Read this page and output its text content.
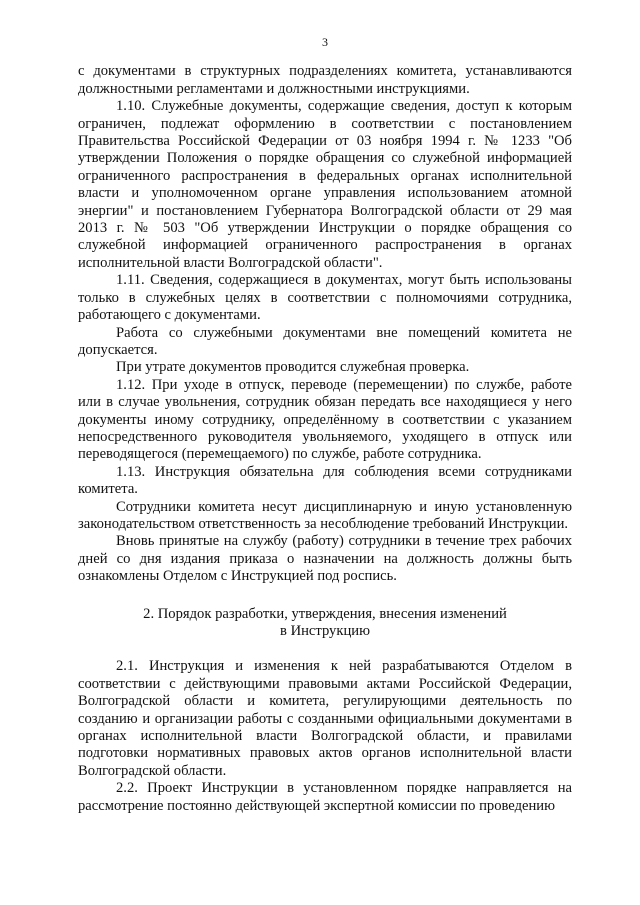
3

с документами в структурных подразделениях комитета, устанавливаются должностными регламентами и должностными инструкциями.

1.10. Служебные документы, содержащие сведения, доступ к которым ограничен, подлежат оформлению в соответствии с постановлением Правительства Российской Федерации от 03 ноября 1994 г. № 1233 "Об утверждении Положения о порядке обращения со служебной информацией ограниченного распространения в федеральных органах исполнительной власти и уполномоченном органе управления использованием атомной энергии" и постановлением Губернатора Волгоградской области от 29 мая 2013 г. № 503 "Об утверждении Инструкции о порядке обращения со служебной информацией ограниченного распространения в органах исполнительной власти Волгоградской области".

1.11. Сведения, содержащиеся в документах, могут быть использованы только в служебных целях в соответствии с полномочиями сотрудника, работающего с документами.

Работа со служебными документами вне помещений комитета не допускается.

При утрате документов проводится служебная проверка.

1.12. При уходе в отпуск, переводе (перемещении) по службе, работе или в случае увольнения, сотрудник обязан передать все находящиеся у него документы иному сотруднику, определённому в соответствии с указанием непосредственного руководителя увольняемого, уходящего в отпуск или переводящегося (перемещаемого) по службе, работе сотрудника.

1.13. Инструкция обязательна для соблюдения всеми сотрудниками комитета.

Сотрудники комитета несут дисциплинарную и иную установленную законодательством ответственность за несоблюдение требований Инструкции.

Вновь принятые на службу (работу) сотрудники в течение трех рабочих дней со дня издания приказа о назначении на должность должны быть ознакомлены Отделом с Инструкцией под роспись.

2. Порядок разработки, утверждения, внесения изменений
в Инструкцию

2.1. Инструкция и изменения к ней разрабатываются Отделом в соответствии с действующими правовыми актами Российской Федерации, Волгоградской области и комитета, регулирующими деятельность по созданию и организации работы с созданными официальными документами в органах исполнительной власти Волгоградской области, и правилами подготовки нормативных правовых актов органов исполнительной власти Волгоградской области.

2.2. Проект Инструкции в установленном порядке направляется на рассмотрение постоянно действующей экспертной комиссии по проведению
